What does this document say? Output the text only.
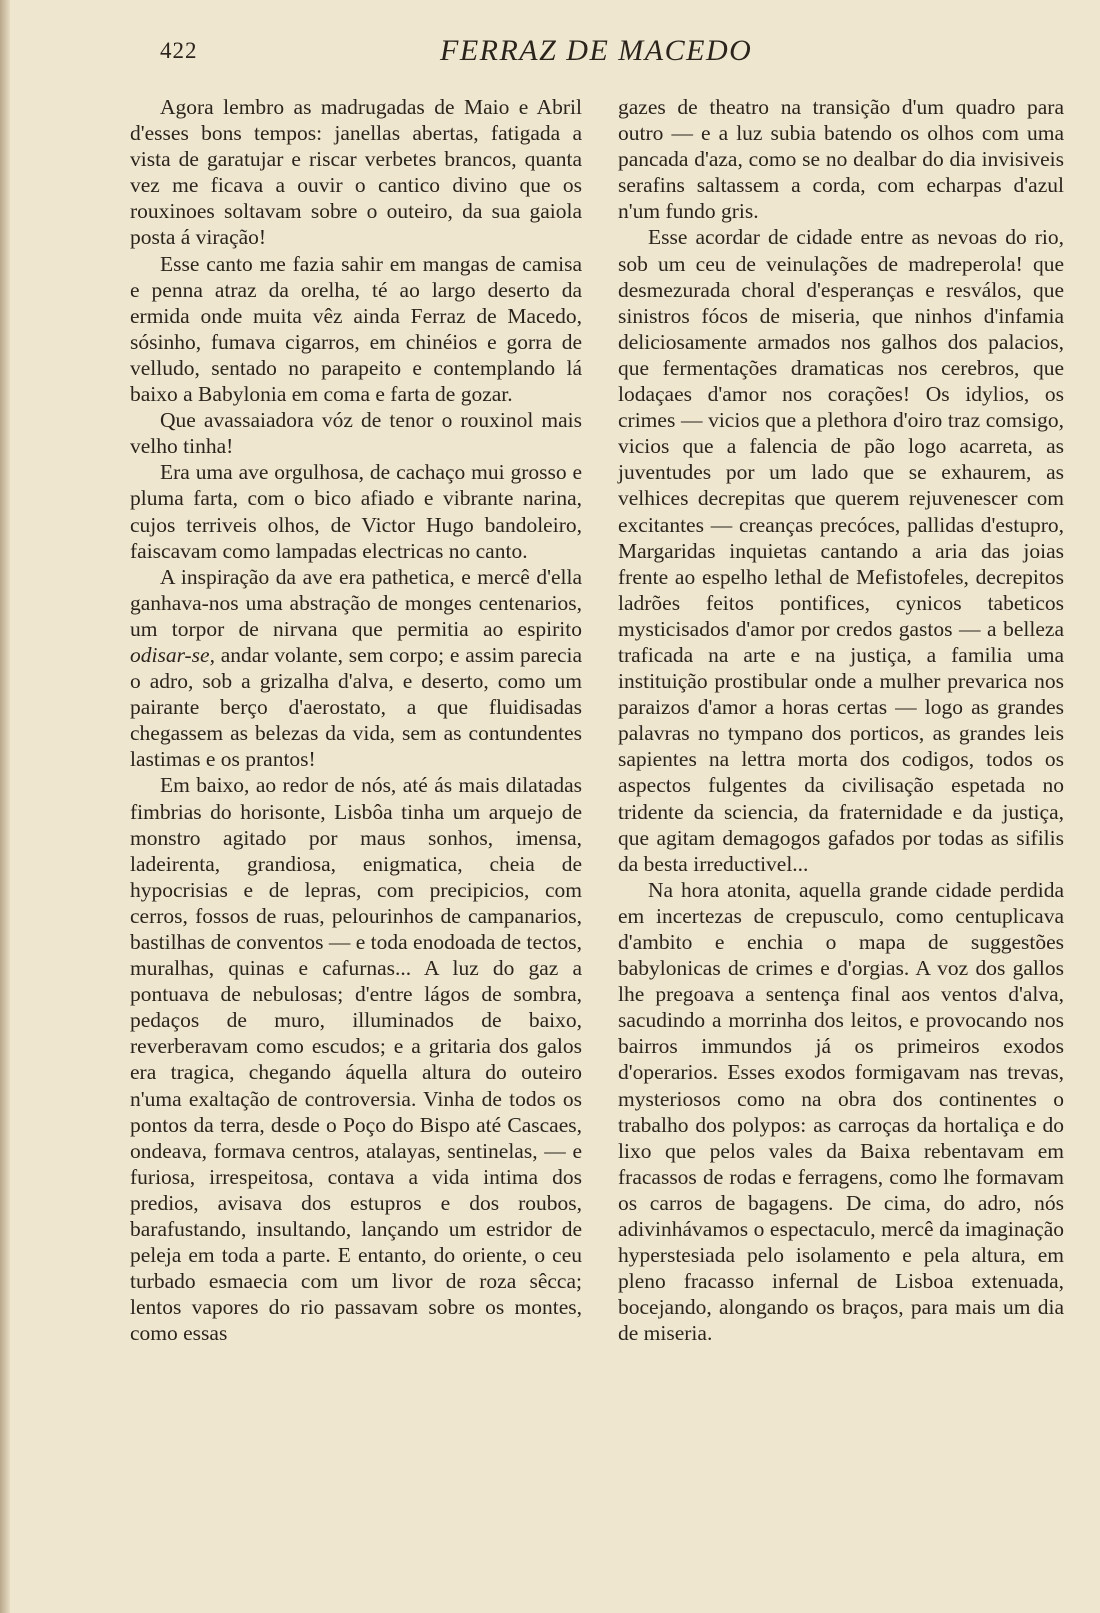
422	FERRAZ DE MACEDO

Agora lembro as madrugadas de Maio e Abril d'esses bons tempos: janellas abertas, fatigada a vista de garatujar e riscar verbetes brancos, quanta vez me ficava a ouvir o cantico divino que os rouxinoes soltavam sobre o outeiro, da sua gaiola posta á viração!

Esse canto me fazia sahir em mangas de camisa e penna atraz da orelha, té ao largo deserto da ermida onde muita vêz ainda Ferraz de Macedo, sósinho, fumava cigarros, em chinéios e gorra de velludo, sentado no parapeito e contemplando lá baixo a Babylonia em coma e farta de gozar.

Que avassaiadora vóz de tenor o rouxinol mais velho tinha!

Era uma ave orgulhosa, de cachaço mui grosso e pluma farta, com o bico afiado e vibrante narina, cujos terriveis olhos, de Victor Hugo bandoleiro, faiscavam como lampadas electricas no canto.

A inspiração da ave era pathetica, e mercê d'ella ganhava-nos uma abstração de monges centenarios, um torpor de nirvana que permitia ao espirito odisar-se, andar volante, sem corpo; e assim parecia o adro, sob a grizalha d'alva, e deserto, como um pairante berço d'aerostato, a que fluidisadas chegassem as belezas da vida, sem as contundentes lastimas e os prantos!

Em baixo, ao redor de nós, até ás mais dilatadas fimbrias do horisonte, Lisbôa tinha um arquejo de monstro agitado por maus sonhos, imensa, ladeirenta, grandiosa, enigmatica, cheia de hypocrisias e de lepras, com precipicios, com cerros, fossos de ruas, pelourinhos de campanarios, bastilhas de conventos — e toda enodoada de tectos, muralhas, quinas e cafurnas... A luz do gaz a pontuava de nebulosas; d'entre lágos de sombra, pedaços de muro, illuminados de baixo, reverberavam como escudos; e a gritaria dos galos era tragica, chegando áquella altura do outeiro n'uma exaltação de controversia. Vinha de todos os pontos da terra, desde o Poço do Bispo até Cascaes, ondeava, formava centros, atalayas, sentinelas, — e furiosa, irrespeitosa, contava a vida intima dos predios, avisava dos estupros e dos roubos, barafustando, insultando, lançando um estridor de peleja em toda a parte. E entanto, do oriente, o ceu turbado esmaecia com um livor de roza sêcca; lentos vapores do rio passavam sobre os montes, como essas

gazes de theatro na transição d'um quadro para outro — e a luz subia batendo os olhos com uma pancada d'aza, como se no dealbar do dia invisiveis serafins saltassem a corda, com echarpas d'azul n'um fundo gris.

Esse acordar de cidade entre as nevoas do rio, sob um ceu de veinulações de madreperola! que desmezurada choral d'esperanças e resválos, que sinistros fócos de miseria, que ninhos d'infamia deliciosamente armados nos galhos dos palacios, que fermentações dramaticas nos cerebros, que lodaçaes d'amor nos corações! Os idylios, os crimes — vicios que a plethora d'oiro traz comsigo, vicios que a falencia de pão logo acarreta, as juventudes por um lado que se exhaurem, as velhices decrepitas que querem rejuvenescer com excitantes — creanças precóces, pallidas d'estupro, Margaridas inquietas cantando a aria das joias frente ao espelho lethal de Mefistofeles, decrepitos ladrões feitos pontifices, cynicos tabeticos mysticisados d'amor por credos gastos — a belleza traficada na arte e na justiça, a familia uma instituição prostibular onde a mulher prevarica nos paraizos d'amor a horas certas — logo as grandes palavras no tympano dos porticos, as grandes leis sapientes na lettra morta dos codigos, todos os aspectos fulgentes da civilisação espetada no tridente da sciencia, da fraternidade e da justiça, que agitam demagogos gafados por todas as sifilis da besta irreductivel...

Na hora atonita, aquella grande cidade perdida em incertezas de crepusculo, como centuplicava d'ambito e enchia o mapa de suggestões babylonicas de crimes e d'orgias. A voz dos gallos lhe pregoava a sentença final aos ventos d'alva, sacudindo a morrinha dos leitos, e provocando nos bairros immundos já os primeiros exodos d'operarios. Esses exodos formigavam nas trevas, mysteriosos como na obra dos continentes o trabalho dos polypos: as carroças da hortaliça e do lixo que pelos vales da Baixa rebentavam em fracassos de rodas e ferragens, como lhe formavam os carros de bagagens. De cima, do adro, nós adivinhávamos o espectaculo, mercê da imaginação hyperstesiada pelo isolamento e pela altura, em pleno fracasso infernal de Lisboa extenuada, bocejando, alongando os braços, para mais um dia de miseria.
